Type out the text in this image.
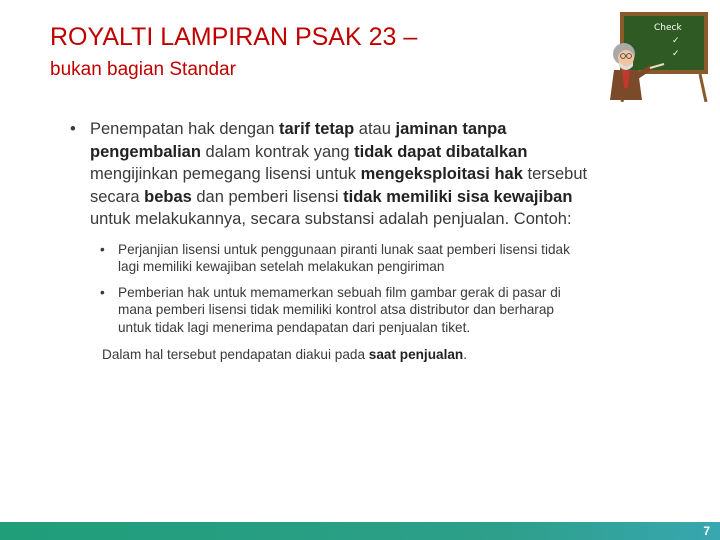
ROYALTI LAMPIRAN PSAK 23 –
bukan bagian Standar
Check
✓
✓
• Penempatan hak dengan tarif tetap atau jaminan tanpa pengembalian dalam kontrak yang tidak dapat dibatalkan mengijinkan pemegang lisensi untuk mengeksploitasi hak tersebut secara bebas dan pemberi lisensi tidak memiliki sisa kewajiban untuk melakukannya, secara substansi adalah penjualan. Contoh:
• Perjanjian lisensi untuk penggunaan piranti lunak saat pemberi lisensi tidak lagi memiliki kewajiban setelah melakukan pengiriman
• Pemberian hak untuk memamerkan sebuah film gambar gerak di pasar di mana pemberi lisensi tidak memiliki kontrol atsa distributor dan berharap untuk tidak lagi menerima pendapatan dari penjualan tiket.
Dalam hal tersebut pendapatan diakui pada saat penjualan.
7
